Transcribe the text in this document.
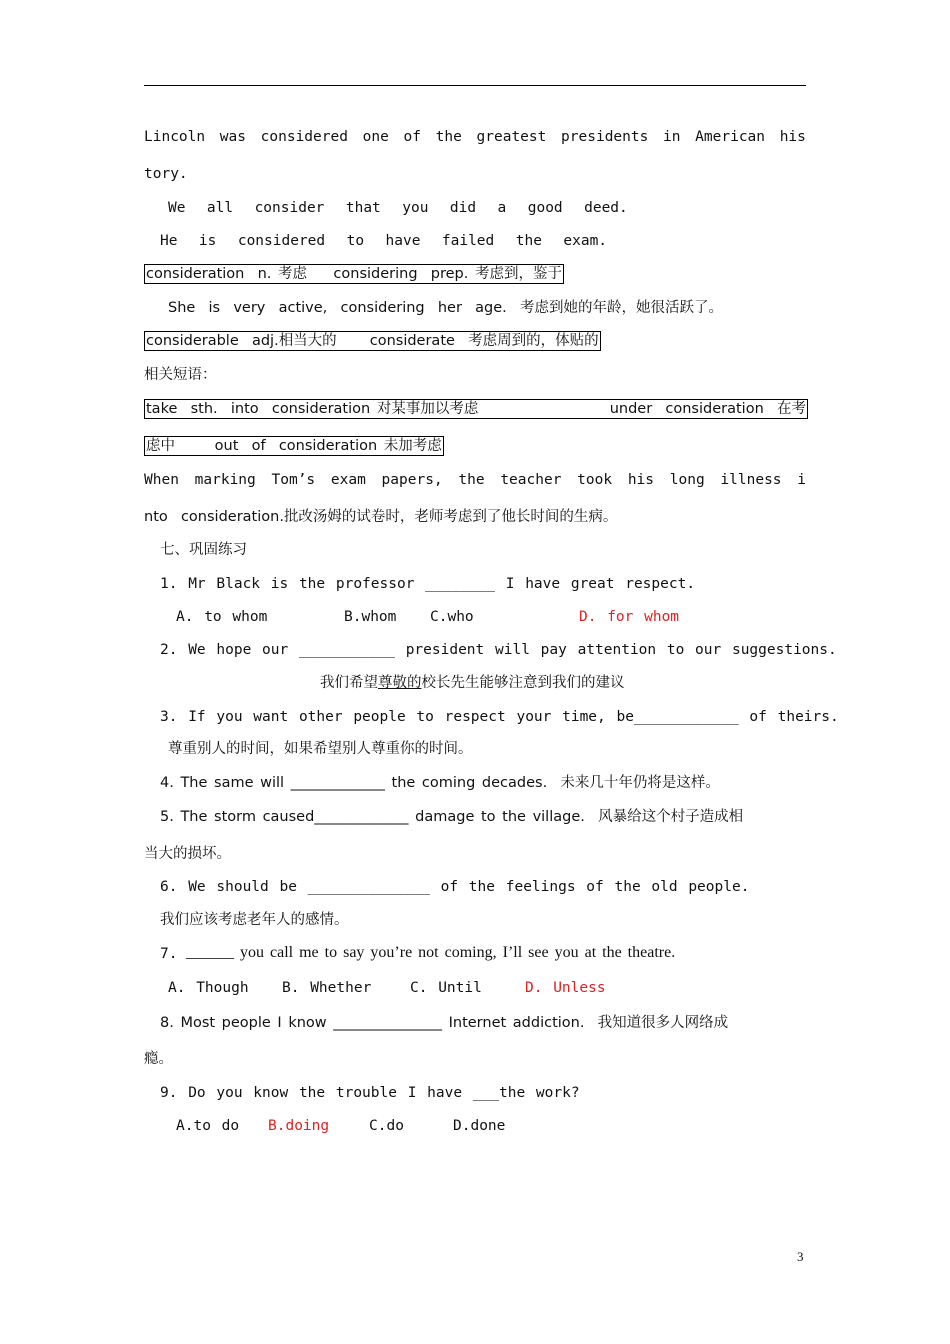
Lincoln was considered one of the greatest presidents in American his
tory.
We  all  consider  that  you  did  a  good  deed.
He  is  considered  to  have  failed  the  exam.
consideration  n. 考虑    considering  prep. 考虑到，鉴于
She  is  very  active,  considering  her  age.  考虑到她的年龄，她很活跃了。
considerable  adj.相当大的     considerate  考虑周到的，体贴的
相关短语：
take  sth.  into  consideration 对某事加以考虑	under  consideration  在考
虑中      out  of  consideration 未加考虑
When marking Tom’s exam papers, the teacher took his long illness i
nto  consideration.批改汤姆的试卷时，老师考虑到了他长时间的生病。
七、巩固练习
1. Mr Black is the professor ________ I have great respect.
A. to whom	B.whom C.who	D. for whom
2. We hope our ___________ president will pay attention to our suggestions.
我们希望尊敬的校长先生能够注意到我们的建议
3. If you want other people to respect your time, be____________ of theirs.
尊重别人的时间，如果希望别人尊重你的时间。
4. The same will _____________ the coming decades.  未来几十年仍将是这样。
5. The storm caused_____________ damage to the village.  风暴给这个村子造成相
当大的损坏。
6. We should be ______________ of the feelings of the old people.
我们应该考虑老年人的感情。
7. ______ you call me to say you’re not coming, I’ll see you at the theatre.
A. Though B. Whether	C. Until	D. Unless
8. Most people I know _______________ Internet addiction.  我知道很多人网络成
瘾。
9. Do you know the trouble I have ___the work?
A.to do B.doing	C.do	D.done
3
